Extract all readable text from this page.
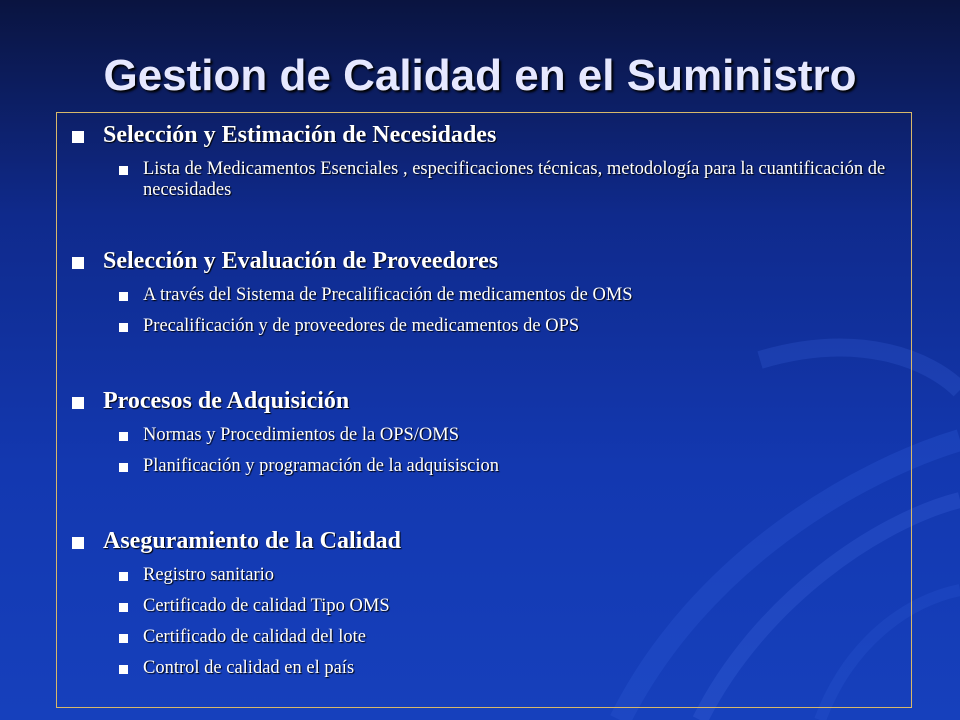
Gestion de Calidad en el Suministro
Selección y Estimación de Necesidades
Lista de Medicamentos Esenciales , especificaciones técnicas, metodología para la cuantificación de necesidades
Selección y Evaluación de Proveedores
A través del Sistema de Precalificación de medicamentos de OMS
Precalificación y de proveedores de medicamentos de OPS
Procesos de Adquisición
Normas y Procedimientos de la OPS/OMS
Planificación y programación de la adquisiscion
Aseguramiento de la Calidad
Registro sanitario
Certificado de calidad Tipo OMS
Certificado de calidad del lote
Control de calidad en el país
